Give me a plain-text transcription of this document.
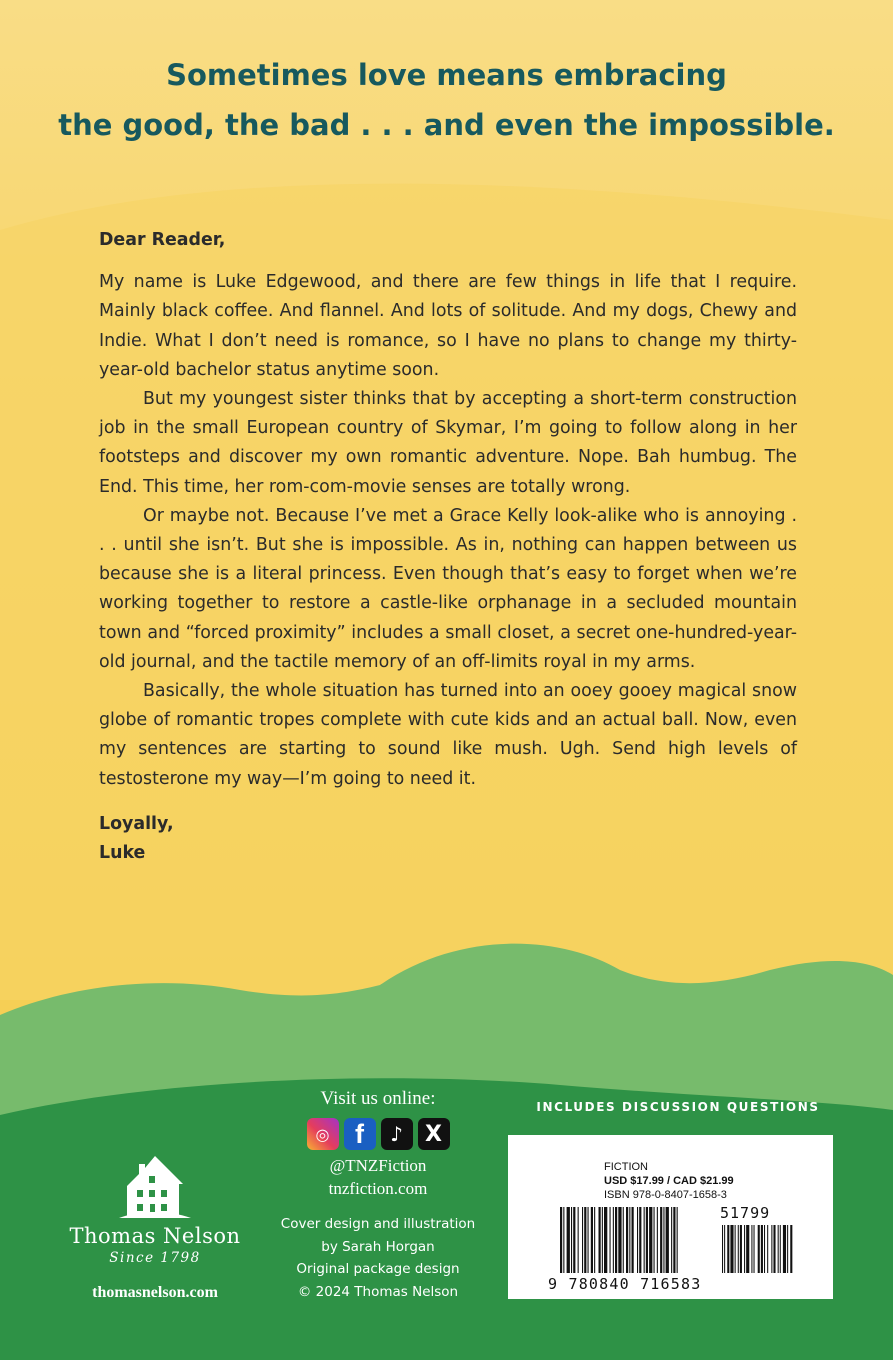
Sometimes love means embracing
the good, the bad . . . and even the impossible.

Dear Reader,

My name is Luke Edgewood, and there are few things in life that I require. Mainly black coffee. And flannel. And lots of solitude. And my dogs, Chewy and Indie. What I don’t need is romance, so I have no plans to change my thirty-year-old bachelor status anytime soon.

But my youngest sister thinks that by accepting a short-term construction job in the small European country of Skymar, I’m going to follow along in her footsteps and discover my own romantic adventure. Nope. Bah humbug. The End. This time, her rom-com-movie senses are totally wrong.

Or maybe not. Because I’ve met a Grace Kelly look-alike who is annoying . . . until she isn’t. But she is impossible. As in, nothing can happen between us because she is a literal princess. Even though that’s easy to forget when we’re working together to restore a castle-like orphanage in a secluded mountain town and “forced proximity” includes a small closet, a secret one-hundred-year-old journal, and the tactile memory of an off-limits royal in my arms.

Basically, the whole situation has turned into an ooey gooey magical snow globe of romantic tropes complete with cute kids and an actual ball. Now, even my sentences are starting to sound like mush. Ugh. Send high levels of testosterone my way—I’m going to need it.

Loyally,
Luke

Thomas Nelson
Since 1798
thomasnelson.com
Visit us online:
◎ f	♪	X
@TNZFiction
tnzfiction.com
Cover design and illustration
by Sarah Horgan
Original package design
© 2024 Thomas Nelson
INCLUDES DISCUSSION QUESTIONS
FICTION
USD $17.99 / CAD $21.99
ISBN 978-0-8407-1658-3
51799
9 780840 716583
